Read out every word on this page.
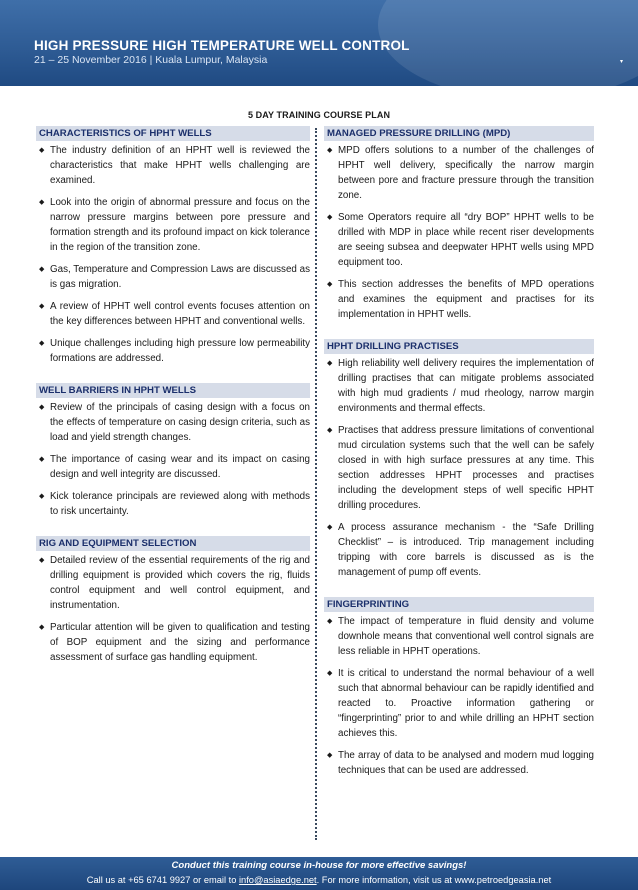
HIGH PRESSURE HIGH TEMPERATURE WELL CONTROL
21 – 25 November 2016 | Kuala Lumpur, Malaysia	▾
5 DAY TRAINING COURSE PLAN
CHARACTERISTICS OF HPHT WELLS
◆ The industry definition of an HPHT well is reviewed the characteristics that make HPHT wells challenging are examined.
◆ Look into the origin of abnormal pressure and focus on the narrow pressure margins between pore pressure and formation strength and its profound impact on kick tolerance in the region of the transition zone.
◆ Gas, Temperature and Compression Laws are discussed as is gas migration.
◆ A review of HPHT well control events focuses attention on the key differences between HPHT and conventional wells.
◆ Unique challenges including high pressure low permeability formations are addressed.
WELL BARRIERS IN HPHT WELLS
◆ Review of the principals of casing design with a focus on the effects of temperature on casing design criteria, such as load and yield strength changes.
◆ The importance of casing wear and its impact on casing design and well integrity are discussed.
◆ Kick tolerance principals are reviewed along with methods to risk uncertainty.
RIG AND EQUIPMENT SELECTION
◆ Detailed review of the essential requirements of the rig and drilling equipment is provided which covers the rig, fluids control equipment and well control equipment, and instrumentation.
◆ Particular attention will be given to qualification and testing of BOP equipment and the sizing and performance assessment of surface gas handling equipment.
MANAGED PRESSURE DRILLING (MPD)
◆ MPD offers solutions to a number of the challenges of HPHT well delivery, specifically the narrow margin between pore and fracture pressure through the transition zone.
◆ Some Operators require all “dry BOP” HPHT wells to be drilled with MDP in place while recent riser developments are seeing subsea and deepwater HPHT wells using MPD equipment too.
◆ This section addresses the benefits of MPD operations and examines the equipment and practises for its implementation in HPHT wells.
HPHT DRILLING PRACTISES
◆ High reliability well delivery requires the implementation of drilling practises that can mitigate problems associated with high mud gradients / mud rheology, narrow margin environments and thermal effects.
◆ Practises that address pressure limitations of conventional mud circulation systems such that the well can be safely closed in with high surface pressures at any time. This section addresses HPHT processes and practises including the development steps of well specific HPHT drilling procedures.
◆ A process assurance mechanism - the “Safe Drilling Checklist” – is introduced. Trip management including tripping with core barrels is discussed as is the management of pump off events.
FINGERPRINTING
◆ The impact of temperature in fluid density and volume downhole means that conventional well control signals are less reliable in HPHT operations.
◆ It is critical to understand the normal behaviour of a well such that abnormal behaviour can be rapidly identified and reacted to. Proactive information gathering or “fingerprinting” prior to and while drilling an HPHT section achieves this.
◆ The array of data to be analysed and modern mud logging techniques that can be used are addressed.
Conduct this training course in-house for more effective savings!
Call us at +65 6741 9927 or email to info@asiaedge.net. For more information, visit us at www.petroedgeasia.net
